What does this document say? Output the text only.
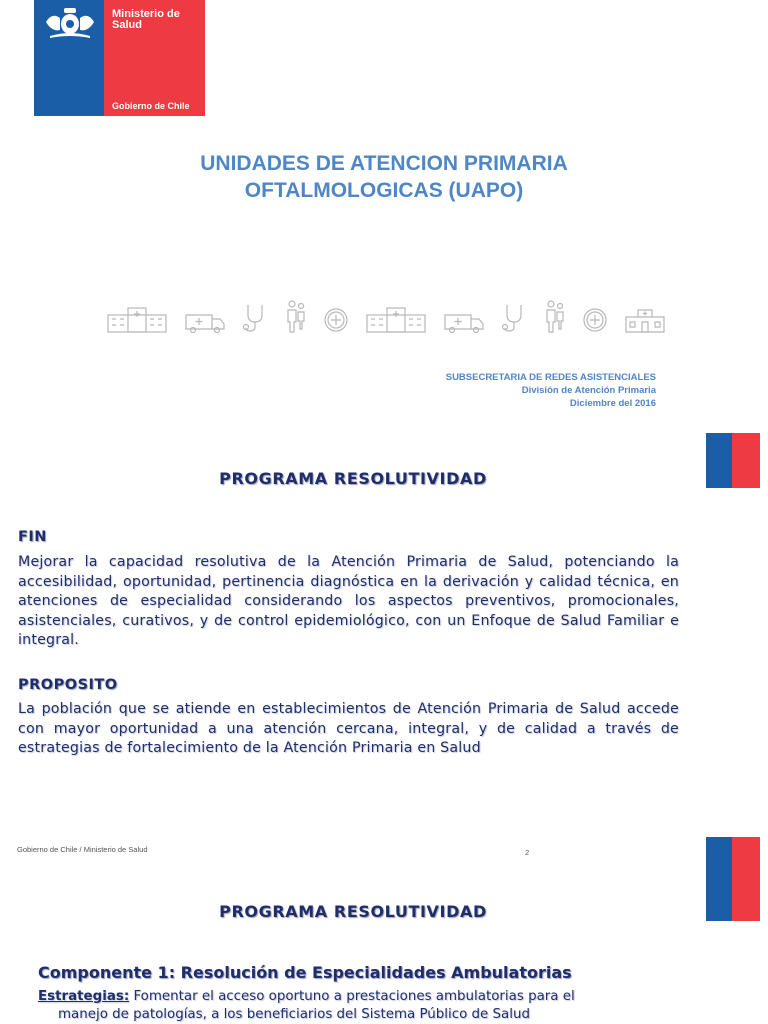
Ministerio de
Salud
Gobierno de Chile
UNIDADES DE ATENCION PRIMARIA
OFTALMOLOGICAS (UAPO)
SUBSECRETARIA DE REDES ASISTENCIALES
División de Atención Primaria
Diciembre del 2016
PROGRAMA RESOLUTIVIDAD
FIN
Mejorar la capacidad resolutiva de la Atención Primaria de Salud, potenciando la accesibilidad, oportunidad, pertinencia diagnóstica en la derivación y calidad técnica, en atenciones de especialidad considerando los aspectos preventivos, promocionales, asistenciales, curativos, y de control epidemiológico, con un Enfoque de Salud Familiar e integral.
PROPOSITO
La población que se atiende en establecimientos de Atención Primaria de Salud accede con mayor oportunidad a una atención cercana, integral, y de calidad a través de estrategias de fortalecimiento de la Atención Primaria en Salud
Gobierno de Chile / Ministerio de Salud	2
PROGRAMA RESOLUTIVIDAD
Componente 1: Resolución de Especialidades Ambulatorias
Estrategias: Fomentar el acceso oportuno a prestaciones ambulatorias para el
manejo de patologías, a los beneficiarios del Sistema Público de Salud
